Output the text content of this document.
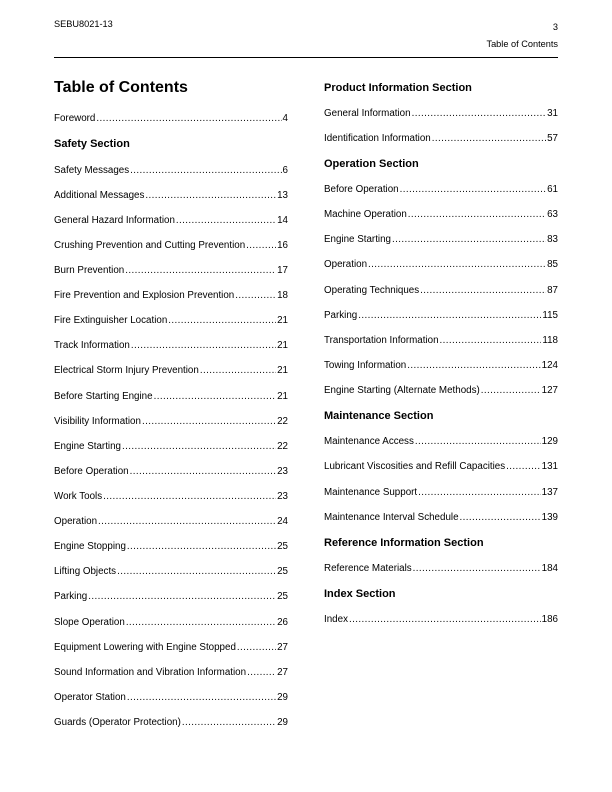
SEBU8021-13	3
Table of Contents
Table of Contents
Foreword .....	4
Safety Section
Safety Messages .....	6
Additional Messages .....	13
General Hazard Information .....	14
Crushing Prevention and Cutting Prevention .....	16
Burn Prevention .....	17
Fire Prevention and Explosion Prevention .....	18
Fire Extinguisher Location .....	21
Track Information .....	21
Electrical Storm Injury Prevention .....	21
Before Starting Engine .....	21
Visibility Information .....	22
Engine Starting .....	22
Before Operation .....	23
Work Tools .....	23
Operation .....	24
Engine Stopping .....	25
Lifting Objects .....	25
Parking .....	25
Slope Operation .....	26
Equipment Lowering with Engine Stopped .....	27
Sound Information and Vibration Information .....	27
Operator Station .....	29
Guards (Operator Protection) .....	29
Product Information Section
General Information .....	31
Identification Information .....	57
Operation Section
Before Operation .....	61
Machine Operation .....	63
Engine Starting .....	83
Operation .....	85
Operating Techniques .....	87
Parking .....	115
Transportation Information .....	118
Towing Information .....	124
Engine Starting (Alternate Methods) .....	127
Maintenance Section
Maintenance Access .....	129
Lubricant Viscosities and Refill Capacities .....	131
Maintenance Support .....	137
Maintenance Interval Schedule .....	139
Reference Information Section
Reference Materials .....	184
Index Section
Index .....	186
